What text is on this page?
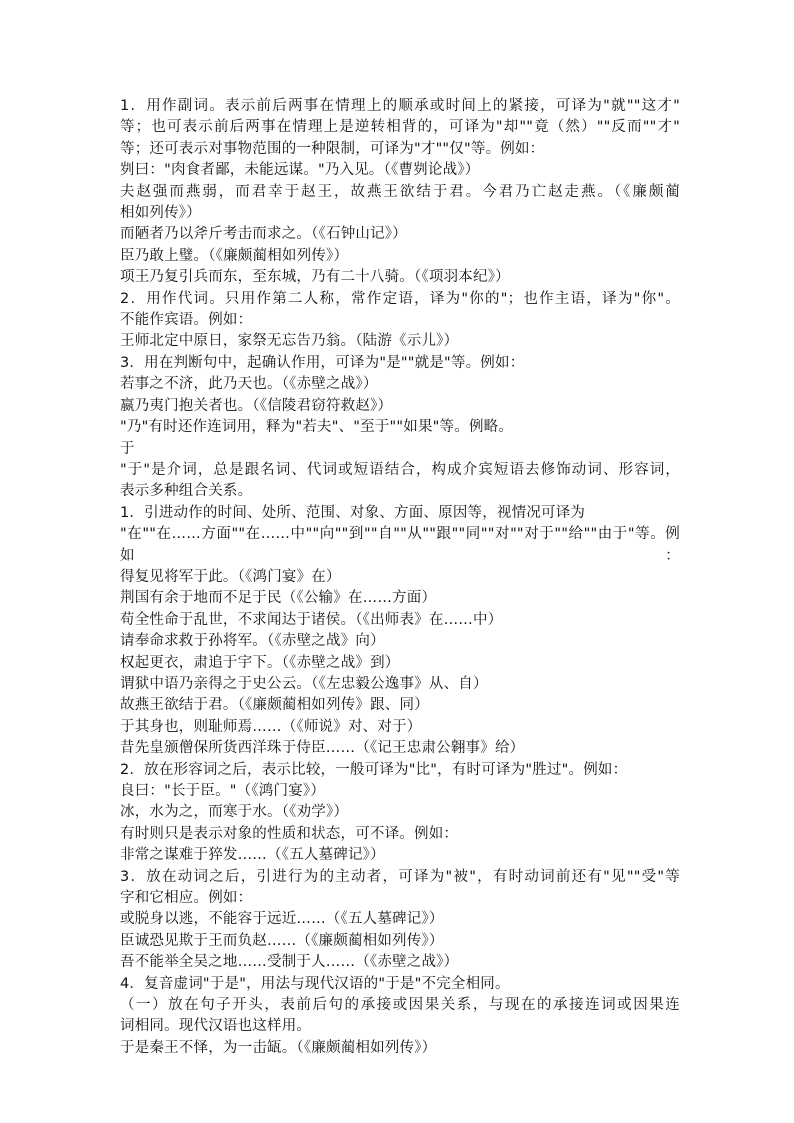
1．用作副词。表示前后两事在情理上的顺承或时间上的紧接，可译为"就""这才"
等；也可表示前后两事在情理上是逆转相背的，可译为"却""竟（然）""反而""才"
等；还可表示对事物范围的一种限制，可译为"才""仅"等。例如：
刿曰："肉食者鄙，未能远谋。"乃入见。（《曹刿论战》）
夫赵强而燕弱，而君幸于赵王，故燕王欲结于君。今君乃亡赵走燕。（《廉颇蔺
相如列传》）
而陋者乃以斧斤考击而求之。（《石钟山记》）
臣乃敢上璧。（《廉颇蔺相如列传》）
项王乃复引兵而东，至东城，乃有二十八骑。（《项羽本纪》）
2．用作代词。只用作第二人称，常作定语，译为"你的"；也作主语，译为"你"。
不能作宾语。例如：
王师北定中原日，家祭无忘告乃翁。（陆游《示儿》）
3．用在判断句中，起确认作用，可译为"是""就是"等。例如：
若事之不济，此乃天也。（《赤壁之战》）
嬴乃夷门抱关者也。（《信陵君窃符救赵》）
"乃"有时还作连词用，释为"若夫"、"至于""如果"等。例略。
于
"于"是介词，总是跟名词、代词或短语结合，构成介宾短语去修饰动词、形容词，
表示多种组合关系。
1．引进动作的时间、处所、范围、对象、方面、原因等，视情况可译为
"在""在……方面""在……中""向""到""自""从""跟""同""对""对于""给""由于"等。例如：
得复见将军于此。（《鸿门宴》在）
荆国有余于地而不足于民（《公输》在……方面）
苟全性命于乱世，不求闻达于诸侯。（《出师表》在……中）
请奉命求救于孙将军。（《赤壁之战》向）
权起更衣，肃追于宇下。（《赤壁之战》到）
谓狱中语乃亲得之于史公云。（《左忠毅公逸事》从、自）
故燕王欲结于君。（《廉颇蔺相如列传》跟、同）
于其身也，则耻师焉……（《师说》对、对于）
昔先皇颁僧保所货西洋珠于侍臣……（《记王忠肃公翱事》给）
2．放在形容词之后，表示比较，一般可译为"比"，有时可译为"胜过"。例如：
良曰："长于臣。"（《鸿门宴》）
冰，水为之，而寒于水。（《劝学》）
有时则只是表示对象的性质和状态，可不译。例如：
非常之谋难于猝发……（《五人墓碑记》）
3．放在动词之后，引进行为的主动者，可译为"被"，有时动词前还有"见""受"等
字和它相应。例如：
或脱身以逃，不能容于远近……（《五人墓碑记》）
臣诚恐见欺于王而负赵……（《廉颇蔺相如列传》）
吾不能举全吴之地……受制于人……（《赤壁之战》）
4．复音虚词"于是"，用法与现代汉语的"于是"不完全相同。
（一）放在句子开头，表前后句的承接或因果关系，与现在的承接连词或因果连
词相同。现代汉语也这样用。
于是秦王不怿，为一击缻。（《廉颇蔺相如列传》）
